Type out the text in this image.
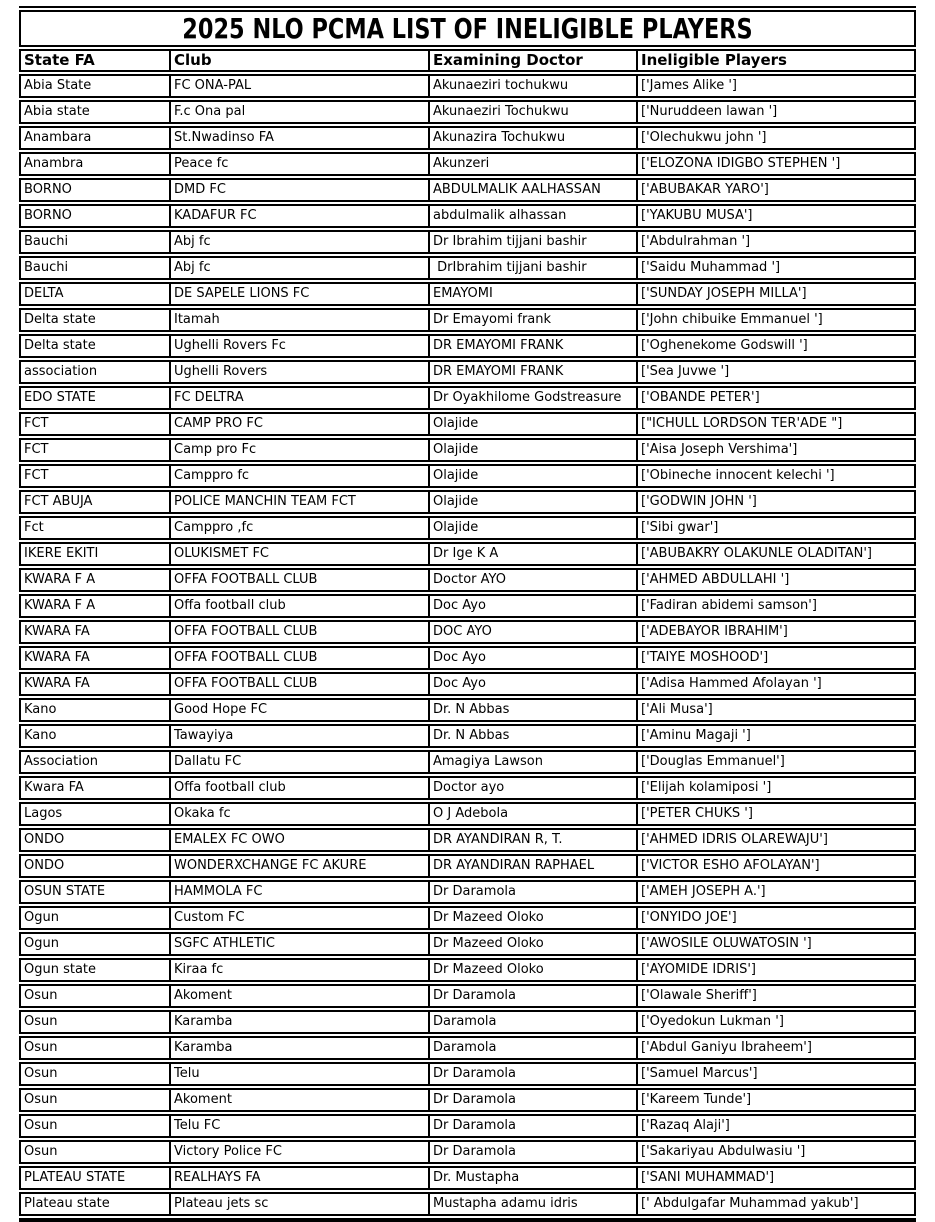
2025 NLO PCMA LIST OF INELIGIBLE PLAYERS			
State FA	Club	Examining Doctor	Ineligible Players
Abia State	FC ONA-PAL	Akunaeziri tochukwu	['James Alike ']
Abia state	F.c Ona pal	Akunaeziri Tochukwu	['Nuruddeen lawan ']
Anambara	St.Nwadinso FA	Akunazira Tochukwu	['Olechukwu john ']
Anambra	Peace fc	Akunzeri	['ELOZONA IDIGBO STEPHEN ']
BORNO	DMD FC	ABDULMALIK AALHASSAN	['ABUBAKAR YARO']
BORNO	KADAFUR FC	abdulmalik alhassan	['YAKUBU MUSA']
Bauchi	Abj fc	Dr Ibrahim tijjani bashir	['Abdulrahman ']
Bauchi	Abj fc	DrIbrahim tijjani bashir	['Saidu Muhammad ']
DELTA	DE SAPELE LIONS FC	EMAYOMI	['SUNDAY JOSEPH MILLA']
Delta state	Itamah	Dr Emayomi frank	['John chibuike Emmanuel ']
Delta state	Ughelli Rovers Fc	DR EMAYOMI FRANK	['Oghenekome Godswill ']
association	Ughelli Rovers	DR EMAYOMI FRANK	['Sea Juvwe ']
EDO STATE	FC DELTRA	Dr Oyakhilome Godstreasure	['OBANDE PETER']
FCT	CAMP PRO FC	Olajide	["ICHULL LORDSON TER'ADE "]
FCT	Camp pro Fc	Olajide	['Aisa Joseph Vershima']
FCT	Camppro fc	Olajide	['Obineche innocent kelechi ']
FCT ABUJA	POLICE MANCHIN TEAM FCT	Olajide	['GODWIN JOHN ']
Fct	Camppro ,fc	Olajide	['Sibi gwar']
IKERE EKITI	OLUKISMET FC	Dr Ige K A	['ABUBAKRY OLAKUNLE OLADITAN']
KWARA F A	OFFA FOOTBALL CLUB	Doctor AYO	['AHMED ABDULLAHI ']
KWARA F A	Offa football club	Doc Ayo	['Fadiran abidemi samson']
KWARA FA	OFFA FOOTBALL CLUB	DOC AYO	['ADEBAYOR IBRAHIM']
KWARA FA	OFFA FOOTBALL CLUB	Doc Ayo	['TAIYE MOSHOOD']
KWARA FA	OFFA FOOTBALL CLUB	Doc Ayo	['Adisa Hammed Afolayan ']
Kano	Good Hope FC	Dr. N Abbas	['Ali Musa']
Kano	Tawayiya	Dr. N Abbas	['Aminu Magaji ']
Association	Dallatu FC	Amagiya Lawson	['Douglas Emmanuel']
Kwara FA	Offa football club	Doctor ayo	['Elijah kolamiposi ']
Lagos	Okaka fc	O J Adebola	['PETER CHUKS ']
ONDO	EMALEX FC OWO	DR AYANDIRAN R, T.	['AHMED IDRIS OLAREWAJU']
ONDO	WONDERXCHANGE FC AKURE	DR AYANDIRAN RAPHAEL	['VICTOR ESHO AFOLAYAN']
OSUN STATE	HAMMOLA FC	Dr Daramola	['AMEH JOSEPH A.']
Ogun	Custom FC	Dr Mazeed Oloko	['ONYIDO JOE']
Ogun	SGFC ATHLETIC	Dr Mazeed Oloko	['AWOSILE OLUWATOSIN ']
Ogun state	Kiraa fc	Dr Mazeed Oloko	['AYOMIDE IDRIS']
Osun	Akoment	Dr Daramola	['Olawale Sheriff']
Osun	Karamba	Daramola	['Oyedokun Lukman ']
Osun	Karamba	Daramola	['Abdul Ganiyu Ibraheem']
Osun	Telu	Dr Daramola	['Samuel Marcus']
Osun	Akoment	Dr Daramola	['Kareem Tunde']
Osun	Telu FC	Dr Daramola	['Razaq Alaji']
Osun	Victory Police FC	Dr Daramola	['Sakariyau Abdulwasiu ']
PLATEAU STATE	REALHAYS FA	Dr. Mustapha	['SANI MUHAMMAD']
Plateau state	Plateau jets sc	Mustapha adamu idris	[' Abdulgafar Muhammad yakub']
